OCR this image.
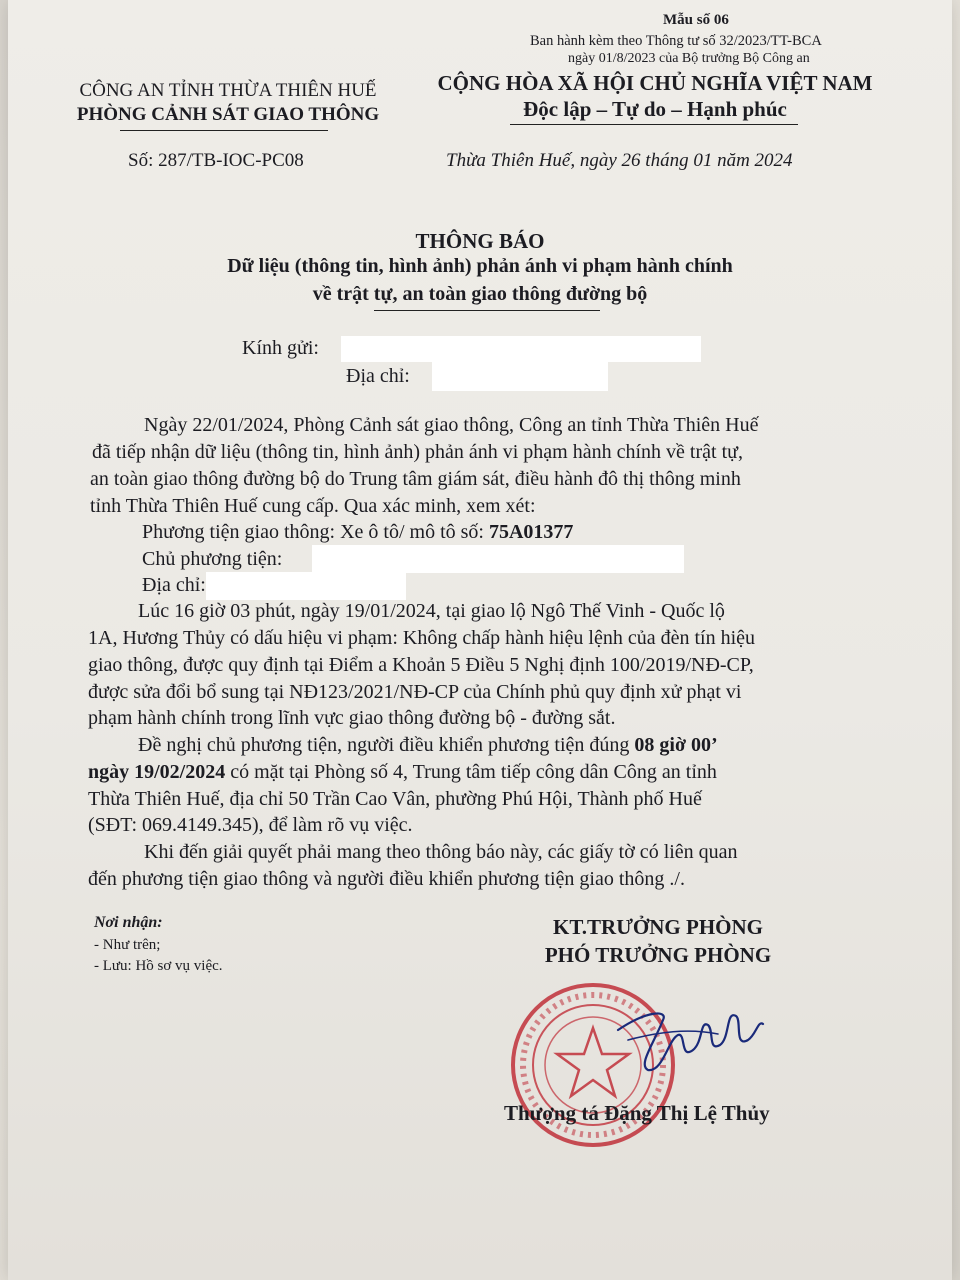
Mẫu số 06
Ban hành kèm theo Thông tư số 32/2023/TT-BCA
ngày 01/8/2023 của Bộ trưởng Bộ Công an
CÔNG AN TỈNH THỪA THIÊN HUẾ
PHÒNG CẢNH SÁT GIAO THÔNG
CỘNG HÒA XÃ HỘI CHỦ NGHĨA VIỆT NAM
Độc lập – Tự do – Hạnh phúc
Số: 287/TB-IOC-PC08	Thừa Thiên Huế, ngày 26 tháng 01 năm 2024
THÔNG BÁO
Dữ liệu (thông tin, hình ảnh) phản ánh vi phạm hành chính
về trật tự, an toàn giao thông đường bộ
Kính gửi:
Địa chỉ:
Ngày 22/01/2024, Phòng Cảnh sát giao thông, Công an tỉnh Thừa Thiên Huế
đã tiếp nhận dữ liệu (thông tin, hình ảnh) phản ánh vi phạm hành chính về trật tự,
an toàn giao thông đường bộ do Trung tâm giám sát, điều hành đô thị thông minh
tỉnh Thừa Thiên Huế cung cấp. Qua xác minh, xem xét:
Phương tiện giao thông: Xe ô tô/ mô tô số: 75A01377
Chủ phương tiện:
Địa chỉ:
Lúc 16 giờ 03 phút, ngày 19/01/2024, tại giao lộ Ngô Thế Vinh - Quốc lộ
1A, Hương Thủy có dấu hiệu vi phạm: Không chấp hành hiệu lệnh của đèn tín hiệu
giao thông, được quy định tại Điểm a Khoản 5 Điều 5 Nghị định 100/2019/NĐ-CP,
được sửa đổi bổ sung tại NĐ123/2021/NĐ-CP của Chính phủ quy định xử phạt vi
phạm hành chính trong lĩnh vực giao thông đường bộ - đường sắt.
Đề nghị chủ phương tiện, người điều khiển phương tiện đúng 08 giờ 00’
ngày 19/02/2024 có mặt tại Phòng số 4, Trung tâm tiếp công dân Công an tỉnh
Thừa Thiên Huế, địa chỉ 50 Trần Cao Vân, phường Phú Hội, Thành phố Huế
(SĐT: 069.4149.345), để làm rõ vụ việc.
Khi đến giải quyết phải mang theo thông báo này, các giấy tờ có liên quan
đến phương tiện giao thông và người điều khiển phương tiện giao thông ./.
Nơi nhận:
- Như trên;
- Lưu: Hồ sơ vụ việc.
KT.TRƯỞNG PHÒNG
PHÓ TRƯỞNG PHÒNG
Thượng tá Đặng Thị Lệ Thủy
